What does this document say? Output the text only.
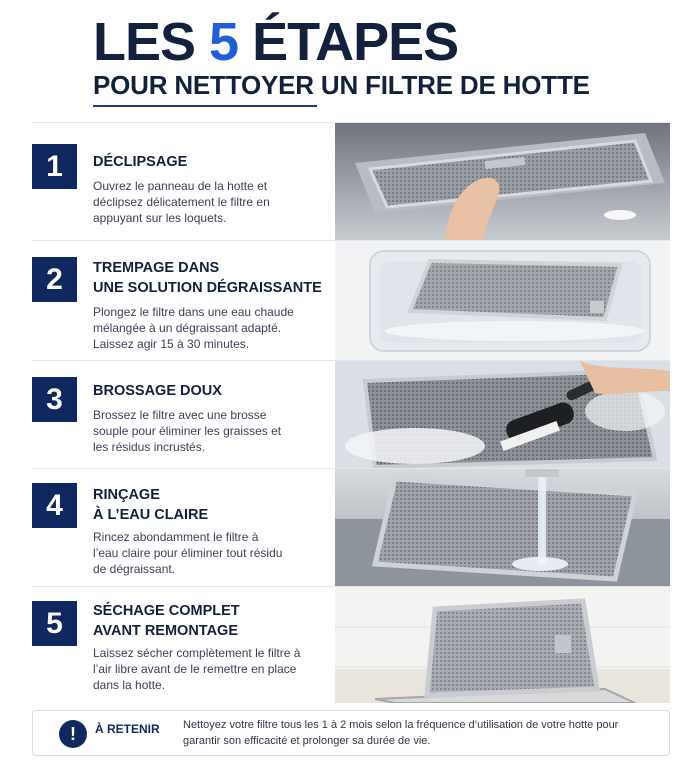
LES 5 ÉTAPES
POUR NETTOYER UN FILTRE DE HOTTE
1	DÉCLIPSAGE
Ouvrez le panneau de la hotte et déclipsez délicatement le filtre en appuyant sur les loquets.
2	TREMPAGE DANS
UNE SOLUTION DÉGRAISSANTE
Plongez le filtre dans une eau chaude mélangée à un dégraissant adapté. Laissez agir 15 à 30 minutes.
3	BROSSAGE DOUX
Brossez le filtre avec une brosse souple pour éliminer les graisses et les résidus incrustés.
4	RINÇAGE
À L’EAU CLAIRE
Rincez abondamment le filtre à l’eau claire pour éliminer tout résidu de dégraissant.
5	SÉCHAGE COMPLET
AVANT REMONTAGE
Laissez sécher complètement le filtre à l’air libre avant de le remettre en place dans la hotte.
!	À RETENIR Nettoyez votre filtre tous les 1 à 2 mois selon la fréquence d’utilisation de votre hotte pour garantir son efficacité et prolonger sa durée de vie.
